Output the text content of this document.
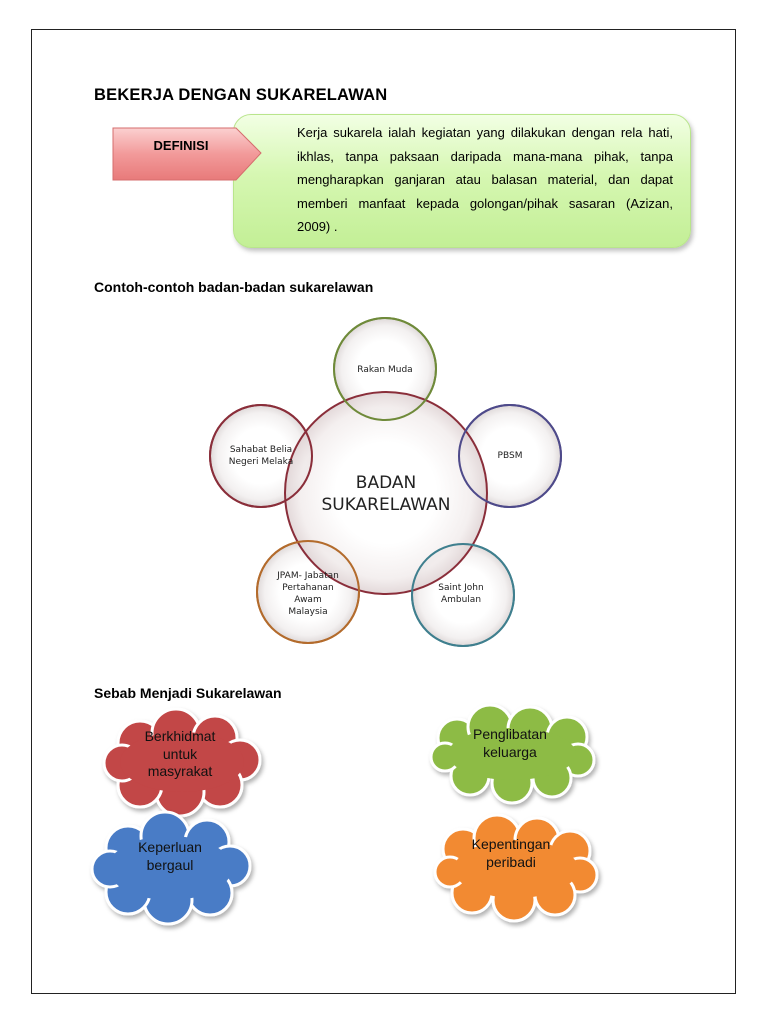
BEKERJA DENGAN SUKARELAWAN
Kerja sukarela ialah kegiatan yang dilakukan dengan rela hati, ikhlas, tanpa paksaan daripada mana-mana pihak, tanpa mengharapkan ganjaran atau balasan material, dan dapat memberi manfaat kepada golongan/pihak sasaran (Azizan, 2009) .
DEFINISI
Contoh-contoh badan-badan sukarelawan
BADAN
SUKARELAWAN
Rakan Muda
PBSM
Saint John
Ambulan
JPAM- Jabatan
Pertahanan
Awam
Malaysia
Sahabat Belia
Negeri Melaka
Sebab Menjadi Sukarelawan
Berkhidmat
untuk
masyrakat
Penglibatan
keluarga
Keperluan
bergaul
Kepentingan
peribadi
